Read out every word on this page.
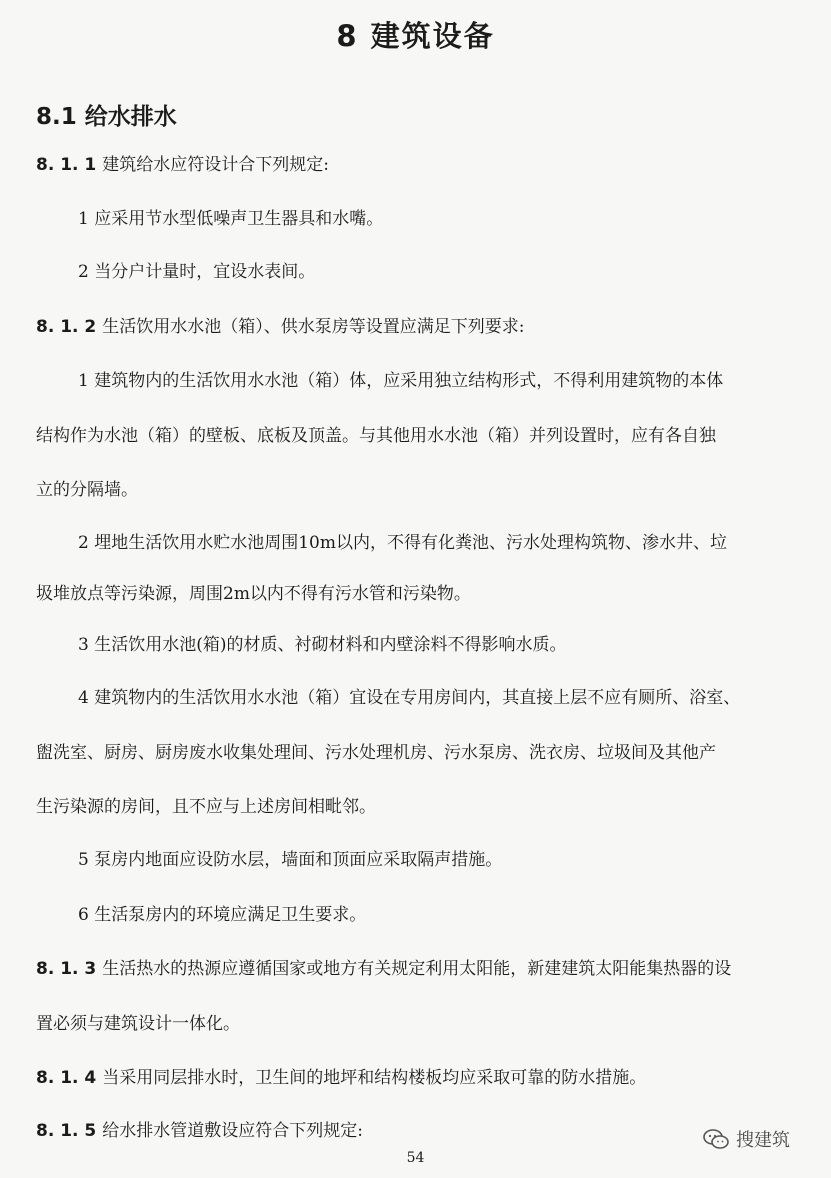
8 建筑设备
8.1 给水排水
8. 1. 1 建筑给水应符设计合下列规定:
1 应采用节水型低噪声卫生器具和水嘴。
2 当分户计量时，宜设水表间。
8. 1. 2 生活饮用水水池（箱）、供水泵房等设置应满足下列要求:
1 建筑物内的生活饮用水水池（箱）体，应采用独立结构形式，不得利用建筑物的本体
结构作为水池（箱）的壁板、底板及顶盖。与其他用水水池（箱）并列设置时，应有各自独
立的分隔墙。
2 埋地生活饮用水贮水池周围10m以内，不得有化粪池、污水处理构筑物、渗水井、垃
圾堆放点等污染源，周围2m以内不得有污水管和污染物。
3 生活饮用水池(箱)的材质、衬砌材料和内壁涂料不得影响水质。
4 建筑物内的生活饮用水水池（箱）宜设在专用房间内，其直接上层不应有厕所、浴室、
盥洗室、厨房、厨房废水收集处理间、污水处理机房、污水泵房、洗衣房、垃圾间及其他产
生污染源的房间，且不应与上述房间相毗邻。
5 泵房内地面应设防水层，墙面和顶面应采取隔声措施。
6 生活泵房内的环境应满足卫生要求。
8. 1. 3 生活热水的热源应遵循国家或地方有关规定利用太阳能，新建建筑太阳能集热器的设
置必须与建筑设计一体化。
8. 1. 4 当采用同层排水时，卫生间的地坪和结构楼板均应采取可靠的防水措施。
8. 1. 5 给水排水管道敷设应符合下列规定:
54
搜建筑
